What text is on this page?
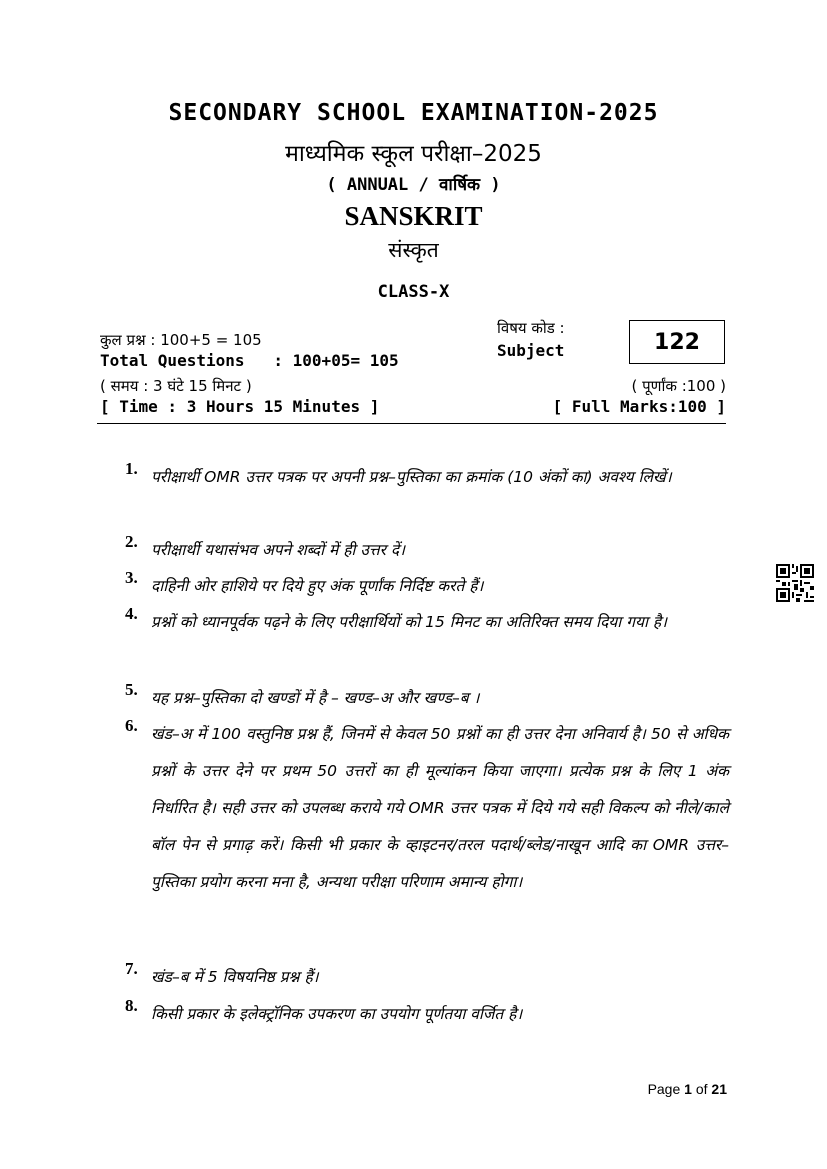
SECONDARY SCHOOL EXAMINATION-2025
माध्यमिक स्कूल परीक्षा–2025
( ANNUAL / वार्षिक )
SANSKRIT
संस्कृत
CLASS-X
कुल प्रश्न : 100+5 = 105
Total Questions   : 100+05= 105
( समय : 3 घंटे 15 मिनट )
[ Time : 3 Hours 15 Minutes ]
विषय कोड :
Subject	122
( पूर्णांक :100 )
[ Full Marks:100 ]
1. परीक्षार्थी OMR उत्तर पत्रक पर अपनी प्रश्न–पुस्तिका का क्रमांक (10 अंकों का) अवश्य लिखें।
2. परीक्षार्थी यथासंभव अपने शब्दों में ही उत्तर दें।
3. दाहिनी ओर हाशिये पर दिये हुए अंक पूर्णांक निर्दिष्ट करते हैं।
4. प्रश्नों को ध्यानपूर्वक पढ़ने के लिए परीक्षार्थियों को 15 मिनट का अतिरिक्त समय दिया गया है।
5. यह प्रश्न–पुस्तिका दो खण्डों में है – खण्ड–अ और खण्ड–ब ।
6. खंड–अ में 100 वस्तुनिष्ठ प्रश्न हैं, जिनमें से केवल 50 प्रश्नों का ही उत्तर देना अनिवार्य है। 50 से अधिक प्रश्नों के उत्तर देने पर प्रथम 50 उत्तरों का ही मूल्यांकन किया जाएगा। प्रत्येक प्रश्न के लिए 1 अंक निर्धारित है। सही उत्तर को उपलब्ध कराये गये OMR उत्तर पत्रक में दिये गये सही विकल्प को नीले/काले बॉल पेन से प्रगाढ़ करें। किसी भी प्रकार के व्हाइटनर/तरल पदार्थ/ब्लेड/नाखून आदि का OMR उत्तर–पुस्तिका प्रयोग करना मना है, अन्यथा परीक्षा परिणाम अमान्य होगा।
7. खंड–ब में 5 विषयनिष्ठ प्रश्न हैं।
8. किसी प्रकार के इलेक्ट्रॉनिक उपकरण का उपयोग पूर्णतया वर्जित है।
Page 1 of 21
